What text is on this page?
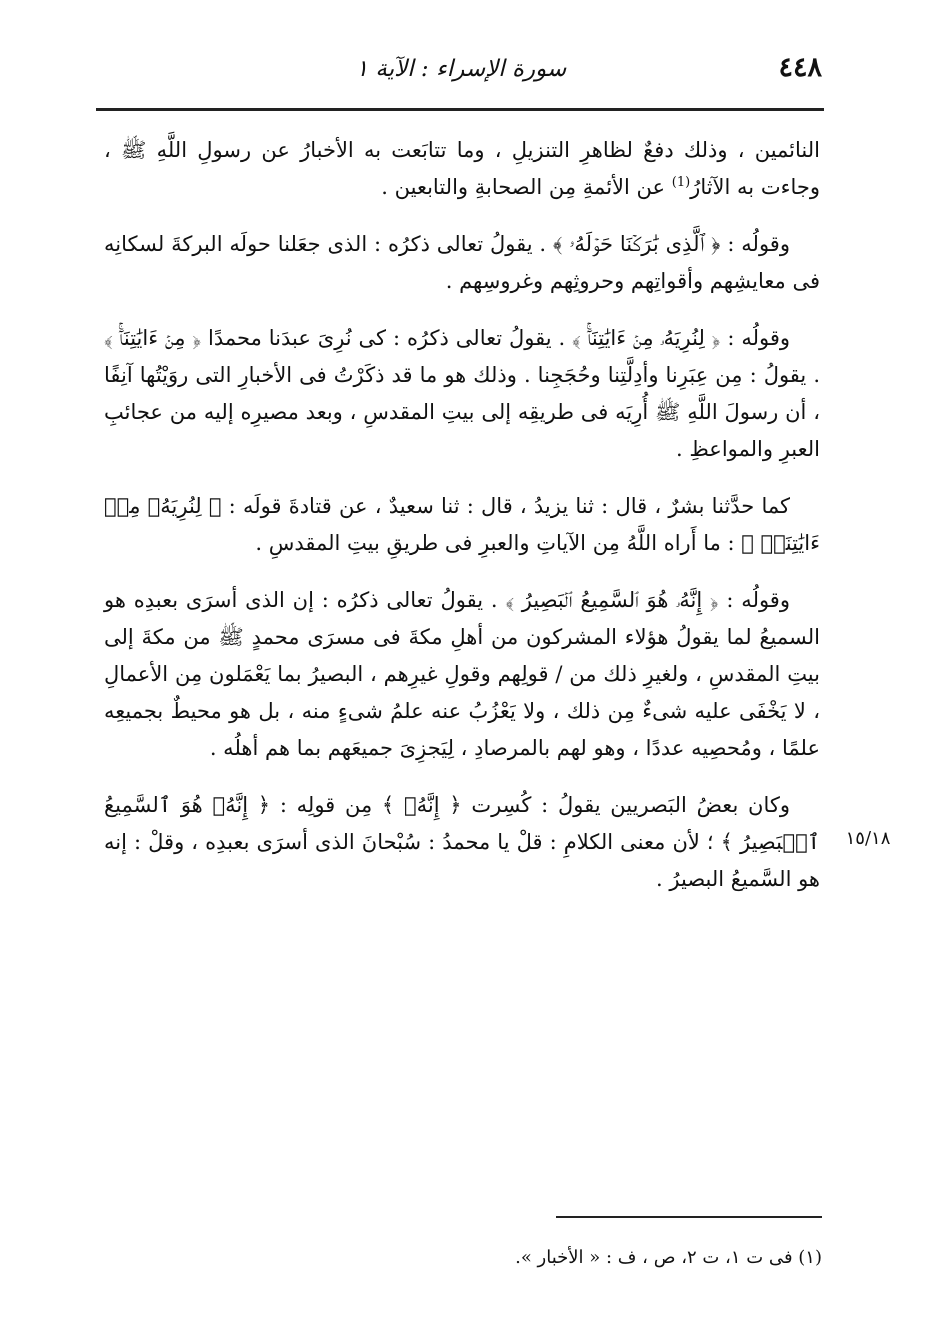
٤٤٨
سورة الإسراء : الآية ١
١٥/١٨

النائمين ، وذلك دفعٌ لظاهرِ التنزيلِ ، وما تتابَعت به الأخبارُ عن رسولِ اللَّهِ ﷺ ، وجاءت به الآثارُ$^{(1)}$ عن الأئمةِ مِن الصحابةِ والتابعين .

وقولُه : ﴿ ٱلَّذِى بَٰرَكۡنَا حَوۡلَهُۥ ﴾ . يقولُ تعالى ذكرُه : الذى جعَلنا حولَه البركةَ لسكانِه فى معايشِهم وأقواتِهم وحروثِهم وغروسِهم .

وقولُه : ﴿ لِنُرِيَهُۥ مِنۡ ءَايَٰتِنَآۚ ﴾ . يقولُ تعالى ذكرُه : كى نُرِىَ عبدَنا محمدًا ﴿ مِنۡ ءَايَٰتِنَآۚ ﴾ . يقولُ : مِن عِبَرِنا وأدِلَّتِنا وحُجَجِنا . وذلك هو ما قد ذكَرْتُ فى الأخبارِ التى روَيْتُها آنِفًا ، أن رسولَ اللَّهِ ﷺ أُرِيَه فى طريقِه إلى بيتِ المقدسِ ، وبعد مصيرِه إليه من عجائبِ العبرِ والمواعظِ .

كما حدَّثنا بشرٌ ، قال : ثنا يزيدُ ، قال : ثنا سعيدٌ ، عن قتادةَ قولَه : ﴿ لِنُرِيَهُۥ مِنۡ ءَايَٰتِنَآۚ ﴾ : ما أَراه اللَّهُ مِن الآياتِ والعبرِ فى طريقِ بيتِ المقدسِ .

وقولُه : ﴿ إِنَّهُۥ هُوَ ٱلسَّمِيعُ ٱلۡبَصِيرُ ﴾ . يقولُ تعالى ذكرُه : إن الذى أسرَى بعبدِه هو السميعُ لما يقولُ هؤلاء المشركون من أهلِ مكةَ فى مسرَى محمدٍ ﷺ من مكةَ إلى بيتِ المقدسِ ، ولغيرِ ذلك من / قولِهم وقولِ غيرِهم ، البصيرُ بما يَعْمَلون مِن الأعمالِ ، لا يَخْفَى عليه شىءٌ مِن ذلك ، ولا يَعْزُبُ عنه علمُ شىءٍ منه ، بل هو محيطٌ بجميعِه علمًا ، ومُحصِيه عددًا ، وهو لهم بالمرصادِ ، لِيَجزِىَ جميعَهم بما هم أهلُه .

وكان بعضُ البَصريين يقولُ : كُسِرت ﴿ إِنَّهُۥ ﴾ مِن قولِه : ﴿ إِنَّهُۥ هُوَ ٱلسَّمِيعُ ٱلۡبَصِيرُ ﴾ ؛ لأن معنى الكلامِ : قلْ يا محمدُ : سُبْحانَ الذى أسرَى بعبدِه ، وقلْ : إنه هو السَّميعُ البصيرُ .

(١) فى ت ١، ت ٢، ص ، ف : « الأخبار ».
